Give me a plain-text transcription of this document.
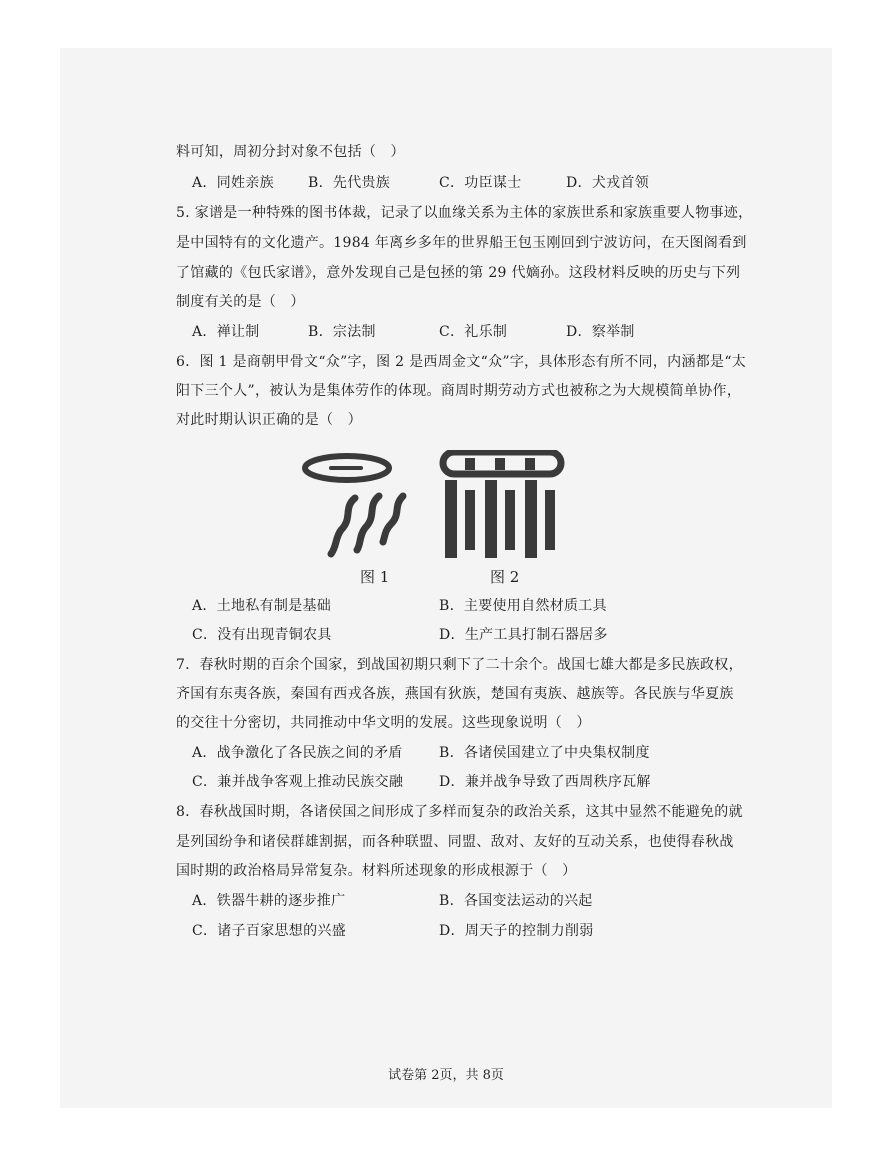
料可知，周初分封对象不包括（　）
A．同姓亲族 B．先代贵族	C．功臣谋士	D．犬戎首领
5. 家谱是一种特殊的图书体裁，记录了以血缘关系为主体的家族世系和家族重要人物事迹，
是中国特有的文化遗产。1984 年离乡多年的世界船王包玉刚回到宁波访问，在天图阁看到
了馆藏的《包氏家谱》，意外发现自己是包拯的第 29 代嫡孙。这段材料反映的历史与下列
制度有关的是（　）
A．禅让制	B．宗法制	C．礼乐制	D．察举制
6．图 1 是商朝甲骨文“众”字，图 2 是西周金文“众”字，具体形态有所不同，内涵都是“太
阳下三个人”，被认为是集体劳作的体现。商周时期劳动方式也被称之为大规模简单协作，
对此时期认识正确的是（　）
图 1	图 2
A．土地私有制是基础	B．主要使用自然材质工具
C．没有出现青铜农具	D．生产工具打制石器居多
7．春秋时期的百余个国家，到战国初期只剩下了二十余个。战国七雄大都是多民族政权，
齐国有东夷各族，秦国有西戎各族，燕国有狄族，楚国有夷族、越族等。各民族与华夏族
的交往十分密切，共同推动中华文明的发展。这些现象说明（　）
A．战争激化了各民族之间的矛盾	B．各诸侯国建立了中央集权制度
C．兼并战争客观上推动民族交融	D．兼并战争导致了西周秩序瓦解
8．春秋战国时期，各诸侯国之间形成了多样而复杂的政治关系，这其中显然不能避免的就
是列国纷争和诸侯群雄割据，而各种联盟、同盟、敌对、友好的互动关系，也使得春秋战
国时期的政治格局异常复杂。材料所述现象的形成根源于（　）
A．铁器牛耕的逐步推广	B．各国变法运动的兴起
C．诸子百家思想的兴盛	D．周天子的控制力削弱
试卷第 2页，共 8页
